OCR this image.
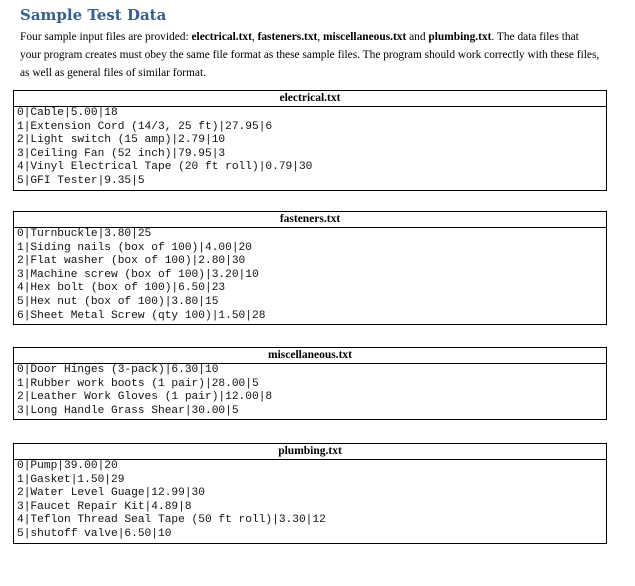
Sample Test Data
Four sample input files are provided: electrical.txt, fasteners.txt, miscellaneous.txt and plumbing.txt. The data files that your program creates must obey the same file format as these sample files. The program should work correctly with these files, as well as general files of similar format.
electrical.txt
0|Cable|5.00|18
1|Extension Cord (14/3, 25 ft)|27.95|6
2|Light switch (15 amp)|2.79|10
3|Ceiling Fan (52 inch)|79.95|3
4|Vinyl Electrical Tape (20 ft roll)|0.79|30
5|GFI Tester|9.35|5
fasteners.txt
0|Turnbuckle|3.80|25
1|Siding nails (box of 100)|4.00|20
2|Flat washer (box of 100)|2.80|30
3|Machine screw (box of 100)|3.20|10
4|Hex bolt (box of 100)|6.50|23
5|Hex nut (box of 100)|3.80|15
6|Sheet Metal Screw (qty 100)|1.50|28
miscellaneous.txt
0|Door Hinges (3-pack)|6.30|10
1|Rubber work boots (1 pair)|28.00|5
2|Leather Work Gloves (1 pair)|12.00|8
3|Long Handle Grass Shear|30.00|5
plumbing.txt
0|Pump|39.00|20
1|Gasket|1.50|29
2|Water Level Guage|12.99|30
3|Faucet Repair Kit|4.89|8
4|Teflon Thread Seal Tape (50 ft roll)|3.30|12
5|shutoff valve|6.50|10
